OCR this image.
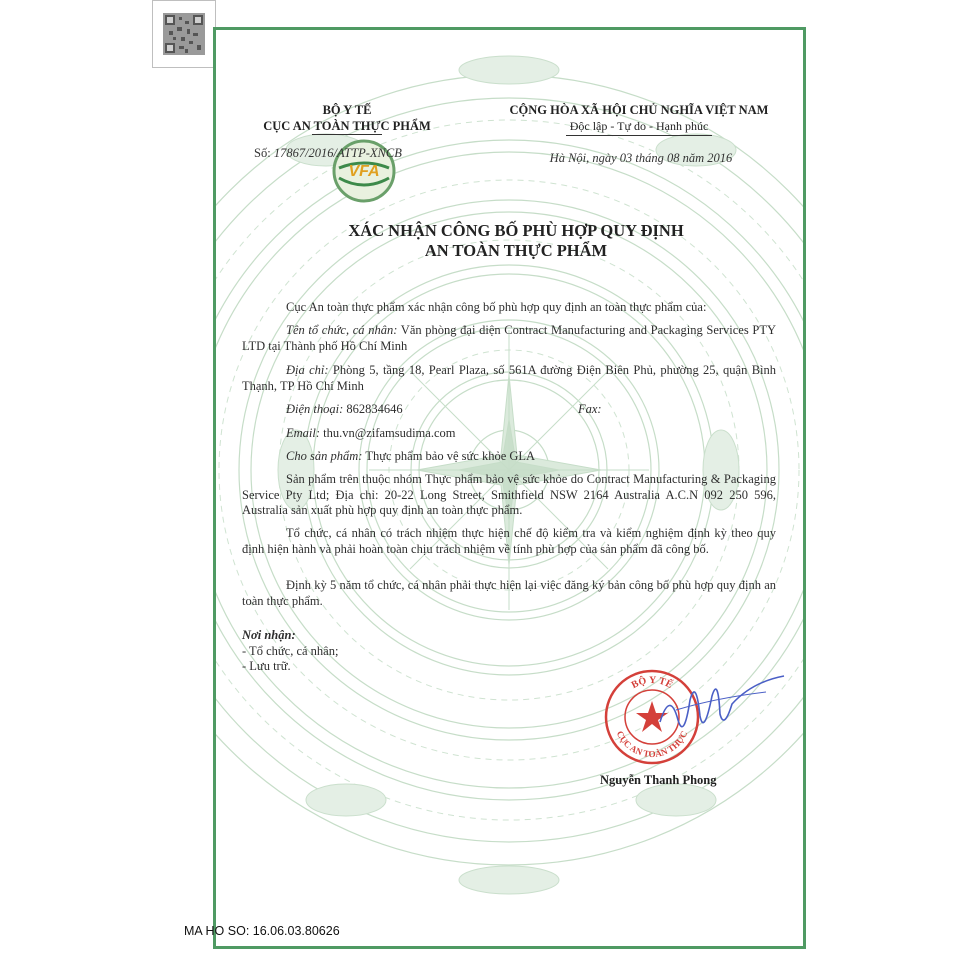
BỘ Y TẾ
CỤC AN TOÀN THỰC PHẨM
VFA
Số: 17867/2016/ATTP-XNCB
CỘNG HÒA XÃ HỘI CHỦ NGHĨA VIỆT NAM
Độc lập - Tự do - Hạnh phúc
Hà Nội, ngày 03 tháng 08 năm 2016
XÁC NHẬN CÔNG BỐ PHÙ HỢP QUY ĐỊNH
AN TOÀN THỰC PHẨM
Cục An toàn thực phẩm xác nhận công bố phù hợp quy định an toàn thực phẩm của:
Tên tổ chức, cá nhân: Văn phòng đại diện Contract Manufacturing and Packaging Services PTY LTD tại Thành phố Hồ Chí Minh
Địa chỉ: Phòng 5, tầng 18, Pearl Plaza, số 561A đường Điện Biên Phủ, phường 25, quận Bình Thạnh, TP Hồ Chí Minh
Điện thoại: 862834646	Fax:
Email: thu.vn@zifamsudima.com
Cho sản phẩm: Thực phẩm bảo vệ sức khỏe GLA
Sản phẩm trên thuộc nhóm Thực phẩm bảo vệ sức khỏe do Contract Manufacturing & Packaging Service Pty Ltd; Địa chỉ: 20-22 Long Street, Smithfield NSW 2164 Australia A.C.N 092 250 596, Australia sản xuất phù hợp quy định an toàn thực phẩm.
Tổ chức, cá nhân có trách nhiệm thực hiện chế độ kiểm tra và kiểm nghiệm định kỳ theo quy định hiện hành và phải hoàn toàn chịu trách nhiệm về tính phù hợp của sản phẩm đã công bố.
Định kỳ 5 năm tổ chức, cá nhân phải thực hiện lại việc đăng ký bản công bố phù hợp quy định an toàn thực phẩm.
Nơi nhận:
- Tổ chức, cá nhân;
- Lưu trữ.
BỘ Y TẾ
CỤC AN TOÀN THỰC
Nguyễn Thanh Phong
MA HO SO: 16.06.03.80626
